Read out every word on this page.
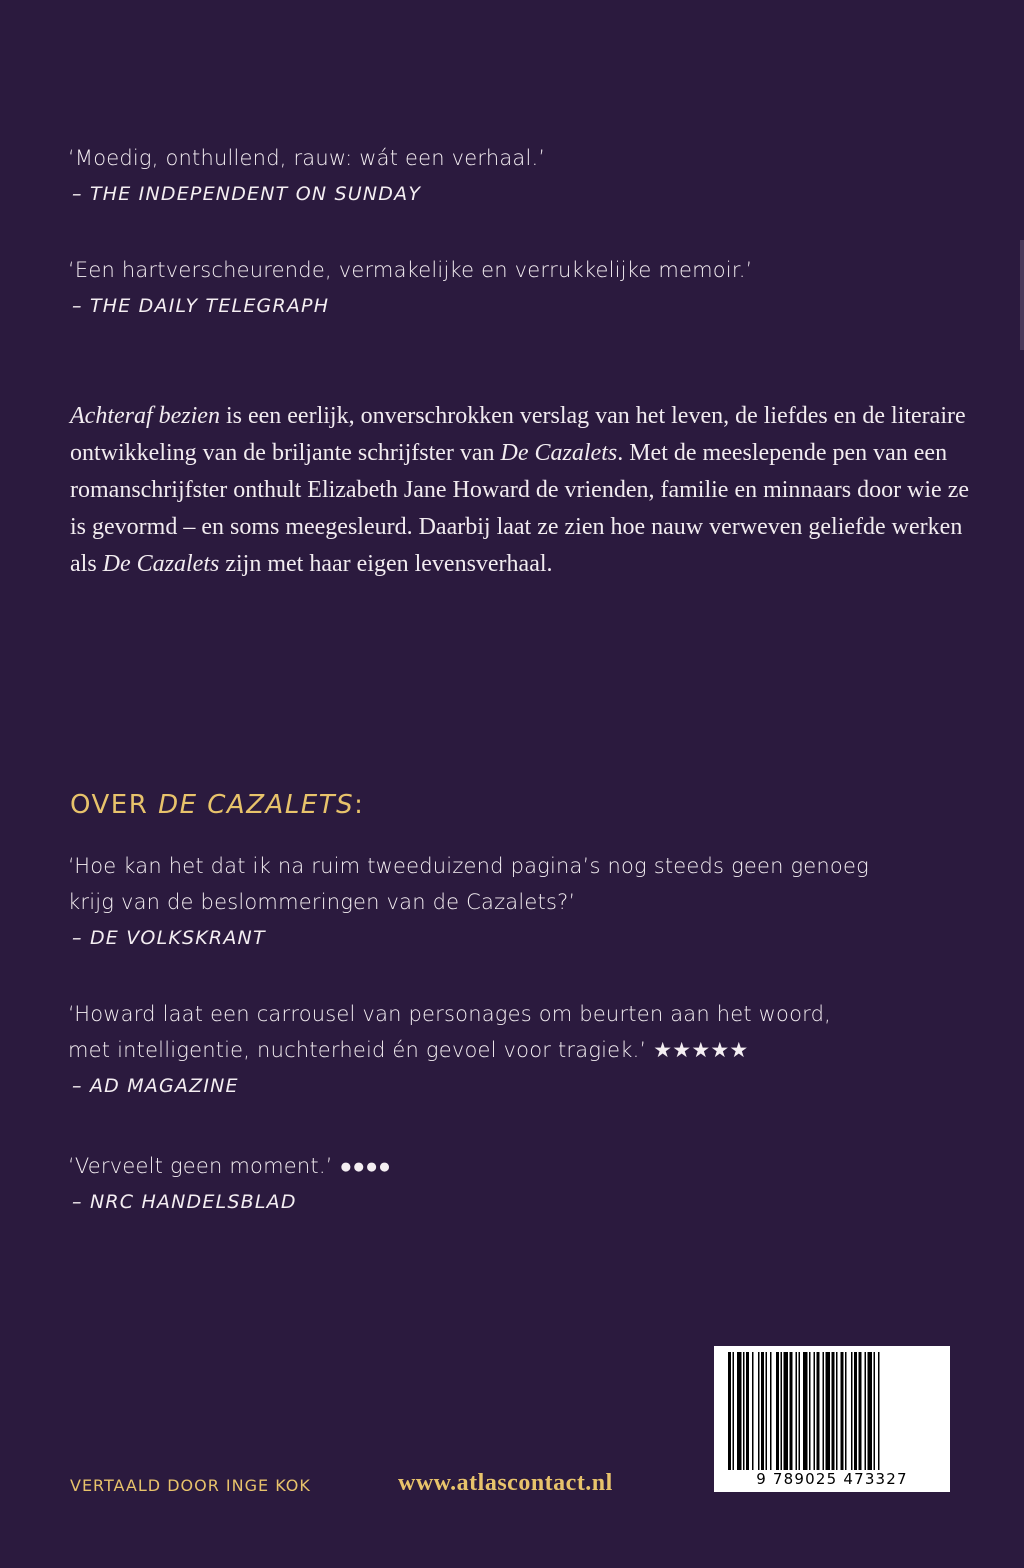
‘Moedig, onthullend, rauw: wát een verhaal.’
– THE INDEPENDENT ON SUNDAY
‘Een hartverscheurende, vermakelijke en verrukkelijke memoir.’
– THE DAILY TELEGRAPH

Achteraf bezien is een eerlijk, onverschrokken verslag van het leven, de liefdes en de literaire ontwikkeling van de briljante schrijfster van De Cazalets. Met de meeslepende pen van een romanschrijfster onthult Elizabeth Jane Howard de vrienden, familie en minnaars door wie ze is gevormd – en soms meegesleurd. Daarbij laat ze zien hoe nauw verweven geliefde werken als De Cazalets zijn met haar eigen levensverhaal.

OVER DE CAZALETS:
‘Hoe kan het dat ik na ruim tweeduizend pagina’s nog steeds geen genoeg
krijg van de beslommeringen van de Cazalets?’
– DE VOLKSKRANT
‘Howard laat een carrousel van personages om beurten aan het woord,
met intelligentie, nuchterheid én gevoel voor tragiek.’ ★★★★★
– AD MAGAZINE
‘Verveelt geen moment.’ ●●●●
– NRC HANDELSBLAD
9 789025 473327
VERTAALD DOOR INGE KOK	www.atlascontact.nl
